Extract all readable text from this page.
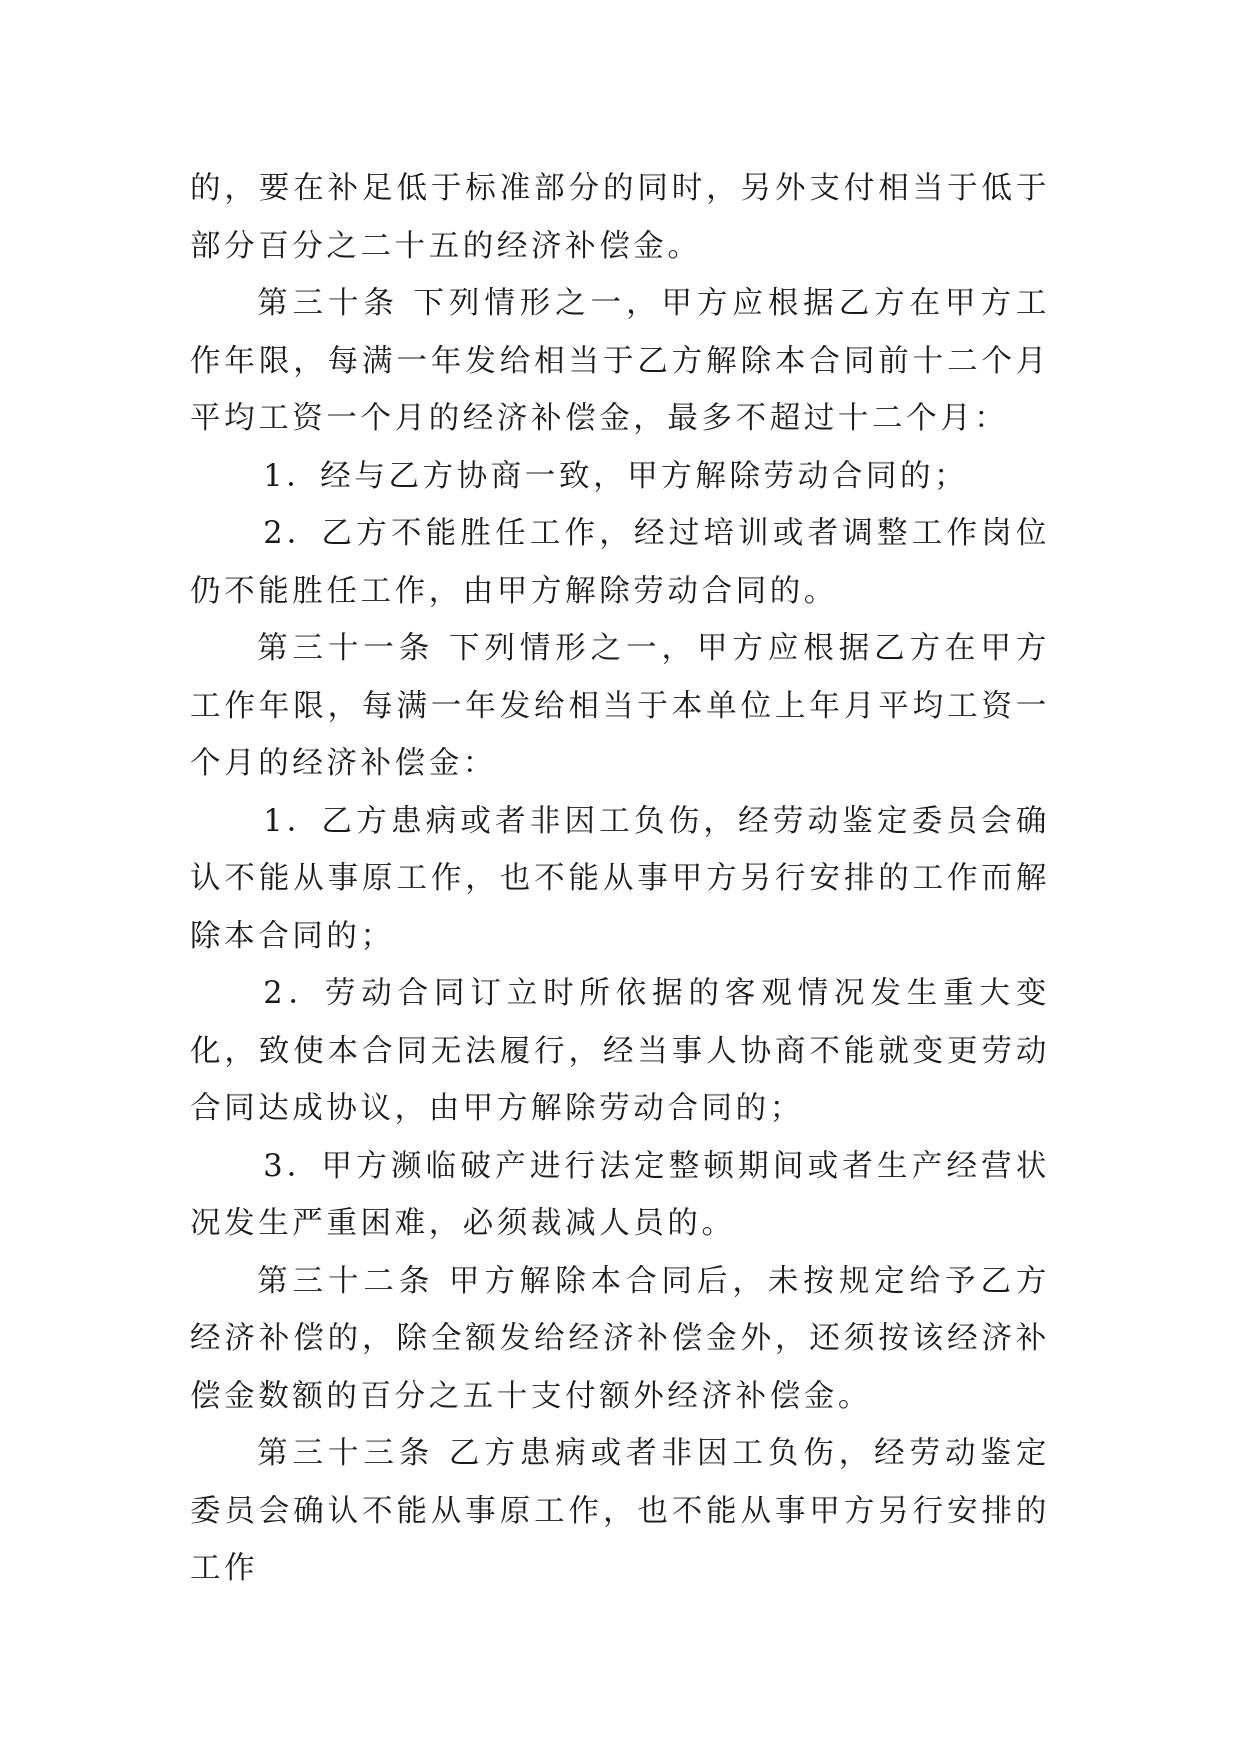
的，要在补足低于标准部分的同时，另外支付相当于低于部分百分之二十五的经济补偿金。

第三十条 下列情形之一，甲方应根据乙方在甲方工作年限，每满一年发给相当于乙方解除本合同前十二个月平均工资一个月的经济补偿金，最多不超过十二个月：

1．经与乙方协商一致，甲方解除劳动合同的；

2．乙方不能胜任工作，经过培训或者调整工作岗位仍不能胜任工作，由甲方解除劳动合同的。

第三十一条 下列情形之一，甲方应根据乙方在甲方工作年限，每满一年发给相当于本单位上年月平均工资一个月的经济补偿金：

1．乙方患病或者非因工负伤，经劳动鉴定委员会确认不能从事原工作，也不能从事甲方另行安排的工作而解除本合同的；

2．劳动合同订立时所依据的客观情况发生重大变化，致使本合同无法履行，经当事人协商不能就变更劳动合同达成协议，由甲方解除劳动合同的；

3．甲方濒临破产进行法定整顿期间或者生产经营状况发生严重困难，必须裁减人员的。

第三十二条 甲方解除本合同后，未按规定给予乙方经济补偿的，除全额发给经济补偿金外，还须按该经济补偿金数额的百分之五十支付额外经济补偿金。

第三十三条 乙方患病或者非因工负伤，经劳动鉴定委员会确认不能从事原工作，也不能从事甲方另行安排的工作
